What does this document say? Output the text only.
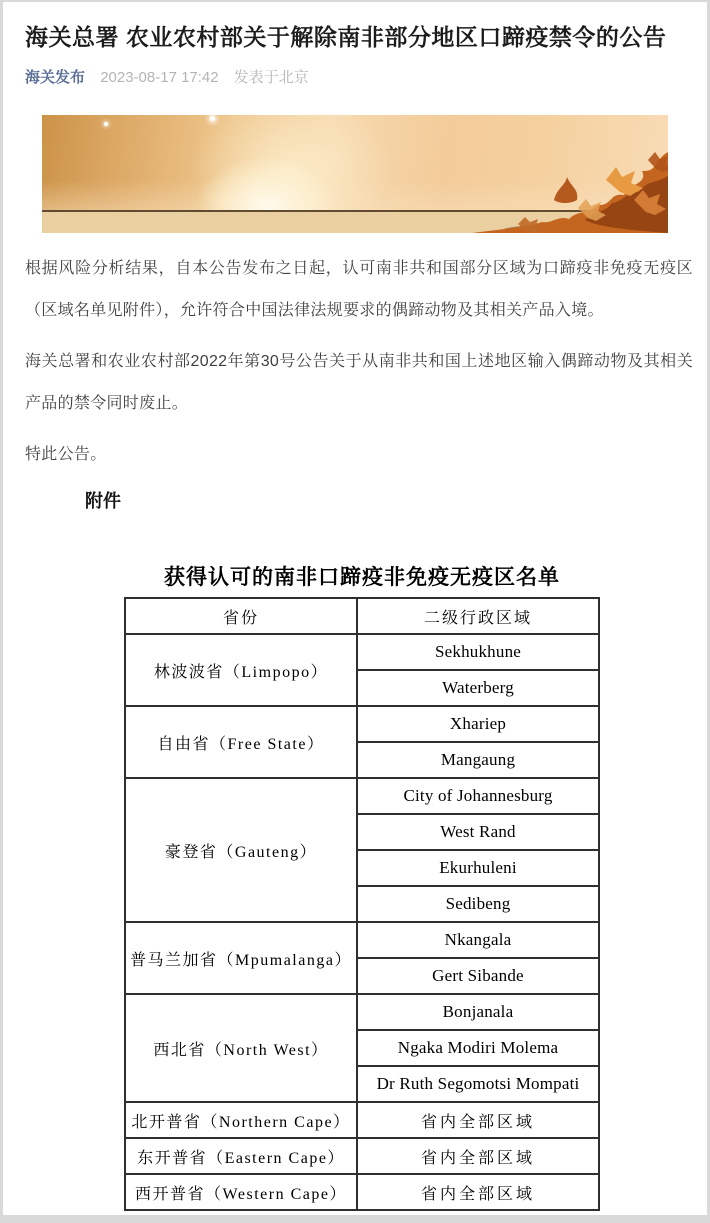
海关总署 农业农村部关于解除南非部分地区口蹄疫禁令的公告
海关发布 2023-08-17 17:42 发表于北京

根据风险分析结果，自本公告发布之日起，认可南非共和国部分区域为口蹄疫非免疫无疫区（区域名单见附件），允许符合中国法律法规要求的偶蹄动物及其相关产品入境。

海关总署和农业农村部2022年第30号公告关于从南非共和国上述地区输入偶蹄动物及其相关产品的禁令同时废止。

特此公告。

附件
获得认可的南非口蹄疫非免疫无疫区名单
省份	二级行政区域
林波波省（Limpopo）	Sekhukhune
	Waterberg
自由省（Free State）	Xhariep
	Mangaung
豪登省（Gauteng）	City of Johannesburg
	West Rand
	Ekurhuleni
	Sedibeng
普马兰加省（Mpumalanga）	Nkangala
	Gert Sibande
西北省（North West）	Bonjanala
	Ngaka Modiri Molema
	Dr Ruth Segomotsi Mompati
北开普省（Northern Cape）	省内全部区域
东开普省（Eastern Cape）	省内全部区域
西开普省（Western Cape）	省内全部区域
